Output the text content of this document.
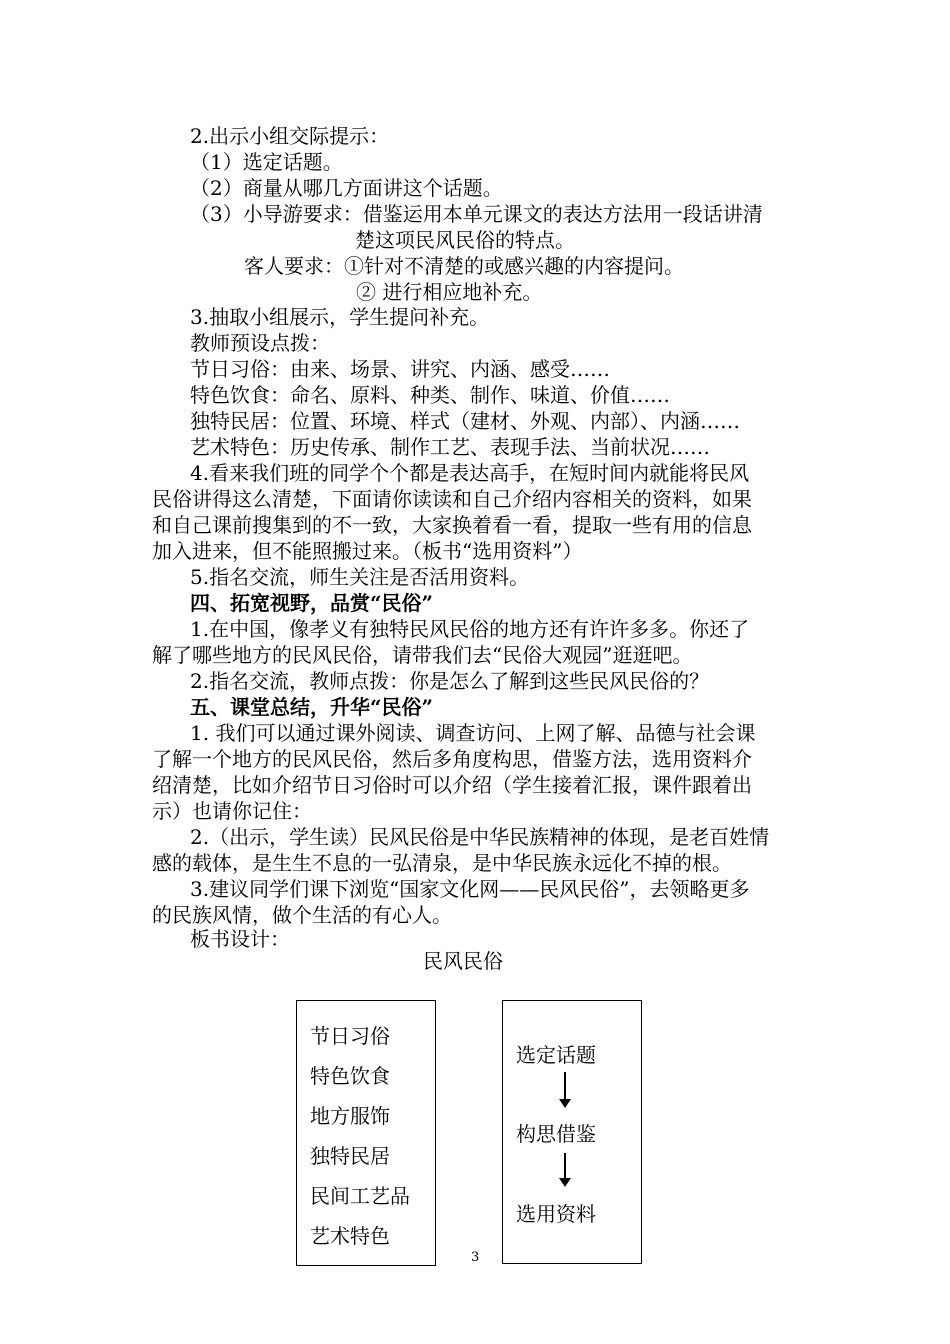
2.出示小组交际提示：
（1）选定话题。
（2）商量从哪几方面讲这个话题。
（3）小导游要求：借鉴运用本单元课文的表达方法用一段话讲清
楚这项民风民俗的特点。
客人要求：①针对不清楚的或感兴趣的内容提问。
② 进行相应地补充。
3.抽取小组展示，学生提问补充。
教师预设点拨：
节日习俗：由来、场景、讲究、内涵、感受……
特色饮食：命名、原料、种类、制作、味道、价值……
独特民居：位置、环境、样式（建材、外观、内部）、内涵……
艺术特色：历史传承、制作工艺、表现手法、当前状况……
4.看来我们班的同学个个都是表达高手，在短时间内就能将民风
民俗讲得这么清楚，下面请你读读和自己介绍内容相关的资料，如果
和自己课前搜集到的不一致，大家换着看一看，提取一些有用的信息
加入进来，但不能照搬过来。（板书“选用资料”）
5.指名交流，师生关注是否活用资料。
四、拓宽视野，品赏“民俗”
1.在中国，像孝义有独特民风民俗的地方还有许许多多。你还了
解了哪些地方的民风民俗，请带我们去“民俗大观园”逛逛吧。
2.指名交流，教师点拨：你是怎么了解到这些民风民俗的？
五、课堂总结，升华“民俗”
1. 我们可以通过课外阅读、调查访问、上网了解、品德与社会课
了解一个地方的民风民俗，然后多角度构思，借鉴方法，选用资料介
绍清楚，比如介绍节日习俗时可以介绍（学生接着汇报，课件跟着出
示）也请你记住：
2.（出示，学生读）民风民俗是中华民族精神的体现，是老百姓情
感的载体，是生生不息的一弘清泉，是中华民族永远化不掉的根。
3.建议同学们课下浏览“国家文化网——民风民俗”，去领略更多
的民族风情，做个生活的有心人。
板书设计：
民风民俗
节日习俗
特色饮食
地方服饰
独特民居
民间工艺品
艺术特色
选定话题
构思借鉴
选用资料
3
